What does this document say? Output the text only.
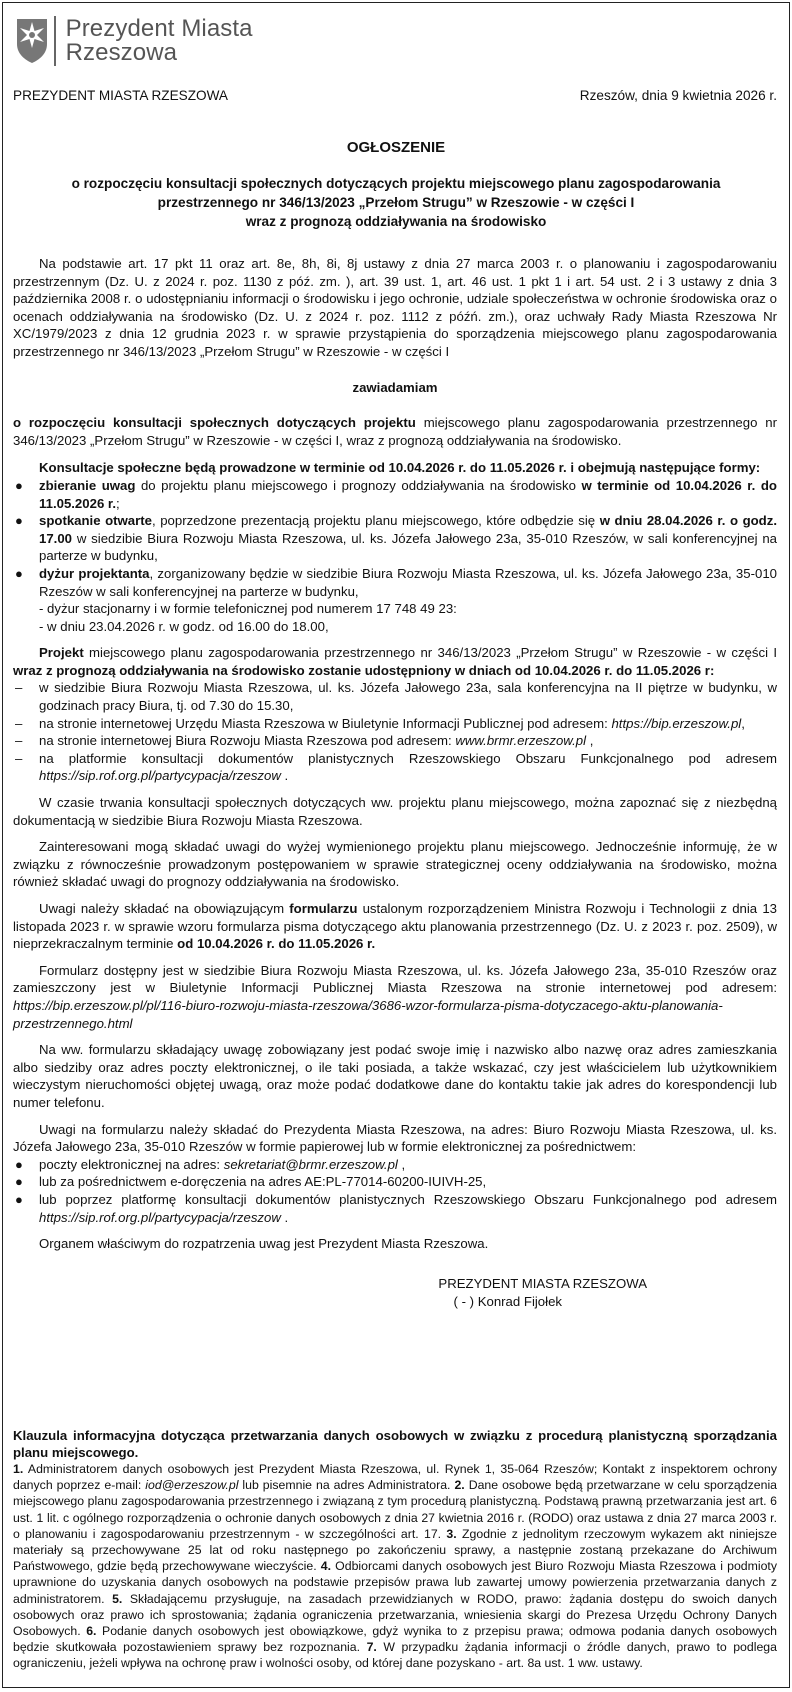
Prezydent Miasta
Rzeszowa
PREZYDENT MIASTA RZESZOWA	Rzeszów, dnia 9 kwietnia 2026 r.
OGŁOSZENIE
o rozpoczęciu konsultacji społecznych dotyczących projektu miejscowego planu zagospodarowania
przestrzennego nr 346/13/2023 „Przełom Strugu” w Rzeszowie - w części I
wraz z prognozą oddziaływania na środowisko

Na podstawie art. 17 pkt 11 oraz art. 8e, 8h, 8i, 8j ustawy z dnia 27 marca 2003 r. o planowaniu i zagospodarowaniu przestrzennym (Dz. U. z 2024 r. poz. 1130 z póź. zm. ), art. 39 ust. 1, art. 46 ust. 1 pkt 1 i art. 54 ust. 2 i 3 ustawy z dnia 3 października 2008 r. o udostępnianiu informacji o środowisku i jego ochronie, udziale społeczeństwa w ochronie środowiska oraz o ocenach oddziaływania na środowisko (Dz. U. z 2024 r. poz. 1112 z późń. zm.), oraz uchwały Rady Miasta Rzeszowa Nr XC/1979/2023 z dnia 12 grudnia 2023 r. w sprawie przystąpienia do sporządzenia miejscowego planu zagospodarowania przestrzennego nr 346/13/2023 „Przełom Strugu” w Rzeszowie - w części I

zawiadamiam

o rozpoczęciu konsultacji społecznych dotyczących projektu miejscowego planu zagospodarowania przestrzennego nr 346/13/2023 „Przełom Strugu” w Rzeszowie - w części I, wraz z prognozą oddziaływania na środowisko.

Konsultacje społeczne będą prowadzone w terminie od 10.04.2026 r. do 11.05.2026 r. i obejmują następujące formy:

● zbieranie uwag do projektu planu miejscowego i prognozy oddziaływania na środowisko w terminie od 10.04.2026 r. do 11.05.2026 r.;
● spotkanie otwarte, poprzedzone prezentacją projektu planu miejscowego, które odbędzie się w dniu 28.04.2026 r. o godz. 17.00 w siedzibie Biura Rozwoju Miasta Rzeszowa, ul. ks. Józefa Jałowego 23a, 35-010 Rzeszów, w sali konferencyjnej na parterze w budynku,
● dyżur projektanta, zorganizowany będzie w siedzibie Biura Rozwoju Miasta Rzeszowa, ul. ks. Józefa Jałowego 23a, 35-010 Rzeszów w sali konferencyjnej na parterze w budynku,
- dyżur stacjonarny i w formie telefonicznej pod numerem 17 748 49 23:
- w dniu 23.04.2026 r. w godz. od 16.00 do 18.00,

Projekt miejscowego planu zagospodarowania przestrzennego nr 346/13/2023 „Przełom Strugu” w Rzeszowie - w części I wraz z prognozą oddziaływania na środowisko zostanie udostępniony w dniach od 10.04.2026 r. do 11.05.2026 r:

– w siedzibie Biura Rozwoju Miasta Rzeszowa, ul. ks. Józefa Jałowego 23a, sala konferencyjna na II piętrze w budynku, w godzinach pracy Biura, tj. od 7.30 do 15.30,
– na stronie internetowej Urzędu Miasta Rzeszowa w Biuletynie Informacji Publicznej pod adresem: https://bip.erzeszow.pl,
– na stronie internetowej Biura Rozwoju Miasta Rzeszowa pod adresem: www.brmr.erzeszow.pl ,
– na platformie konsultacji dokumentów planistycznych Rzeszowskiego Obszaru Funkcjonalnego pod adresem https://sip.rof.org.pl/partycypacja/rzeszow .

W czasie trwania konsultacji społecznych dotyczących ww. projektu planu miejscowego, można zapoznać się z niezbędną dokumentacją w siedzibie Biura Rozwoju Miasta Rzeszowa.

Zainteresowani mogą składać uwagi do wyżej wymienionego projektu planu miejscowego. Jednocześnie informuję, że w związku z równocześnie prowadzonym postępowaniem w sprawie strategicznej oceny oddziaływania na środowisko, można również składać uwagi do prognozy oddziaływania na środowisko.

Uwagi należy składać na obowiązującym formularzu ustalonym rozporządzeniem Ministra Rozwoju i Technologii z dnia 13 listopada 2023 r. w sprawie wzoru formularza pisma dotyczącego aktu planowania przestrzennego (Dz. U. z 2023 r. poz. 2509), w nieprzekraczalnym terminie od 10.04.2026 r. do 11.05.2026 r.

Formularz dostępny jest w siedzibie Biura Rozwoju Miasta Rzeszowa, ul. ks. Józefa Jałowego 23a, 35-010 Rzeszów oraz zamieszczony jest w Biuletynie Informacji Publicznej Miasta Rzeszowa na stronie internetowej pod adresem: https://bip.erzeszow.pl/pl/116-biuro-rozwoju-miasta-rzeszowa/3686-wzor-formularza-pisma-dotyczacego-aktu-planowania-przestrzennego.html

Na ww. formularzu składający uwagę zobowiązany jest podać swoje imię i nazwisko albo nazwę oraz adres zamieszkania albo siedziby oraz adres poczty elektronicznej, o ile taki posiada, a także wskazać, czy jest właścicielem lub użytkownikiem wieczystym nieruchomości objętej uwagą, oraz może podać dodatkowe dane do kontaktu takie jak adres do korespondencji lub numer telefonu.

Uwagi na formularzu należy składać do Prezydenta Miasta Rzeszowa, na adres: Biuro Rozwoju Miasta Rzeszowa, ul. ks. Józefa Jałowego 23a, 35-010 Rzeszów w formie papierowej lub w formie elektronicznej za pośrednictwem:

● poczty elektronicznej na adres: sekretariat@brmr.erzeszow.pl ,
● lub za pośrednictwem e-doręczenia na adres AE:PL-77014-60200-IUIVH-25,
● lub poprzez platformę konsultacji dokumentów planistycznych Rzeszowskiego Obszaru Funkcjonalnego pod adresem https://sip.rof.org.pl/partycypacja/rzeszow .

Organem właściwym do rozpatrzenia uwag jest Prezydent Miasta Rzeszowa.

PREZYDENT MIASTA RZESZOWA
( - ) Konrad Fijołek
Klauzula informacyjna dotycząca przetwarzania danych osobowych w związku z procedurą planistyczną sporządzania planu miejscowego.
1. Administratorem danych osobowych jest Prezydent Miasta Rzeszowa, ul. Rynek 1, 35-064 Rzeszów; Kontakt z inspektorem ochrony danych poprzez e-mail: iod@erzeszow.pl lub pisemnie na adres Administratora. 2. Dane osobowe będą przetwarzane w celu sporządzenia miejscowego planu zagospodarowania przestrzennego i związaną z tym procedurą planistyczną. Podstawą prawną przetwarzania jest art. 6 ust. 1 lit. c ogólnego rozporządzenia o ochronie danych osobowych z dnia 27 kwietnia 2016 r. (RODO) oraz ustawa z dnia 27 marca 2003 r. o planowaniu i zagospodarowaniu przestrzennym - w szczególności art. 17. 3. Zgodnie z jednolitym rzeczowym wykazem akt niniejsze materiały są przechowywane 25 lat od roku następnego po zakończeniu sprawy, a następnie zostaną przekazane do Archiwum Państwowego, gdzie będą przechowywane wieczyście. 4. Odbiorcami danych osobowych jest Biuro Rozwoju Miasta Rzeszowa i podmioty uprawnione do uzyskania danych osobowych na podstawie przepisów prawa lub zawartej umowy powierzenia przetwarzania danych z administratorem. 5. Składającemu przysługuje, na zasadach przewidzianych w RODO, prawo: żądania dostępu do swoich danych osobowych oraz prawo ich sprostowania; żądania ograniczenia przetwarzania, wniesienia skargi do Prezesa Urzędu Ochrony Danych Osobowych. 6. Podanie danych osobowych jest obowiązkowe, gdyż wynika to z przepisu prawa; odmowa podania danych osobowych będzie skutkowała pozostawieniem sprawy bez rozpoznania. 7. W przypadku żądania informacji o źródle danych, prawo to podlega ograniczeniu, jeżeli wpływa na ochronę praw i wolności osoby, od której dane pozyskano - art. 8a ust. 1 ww. ustawy.
